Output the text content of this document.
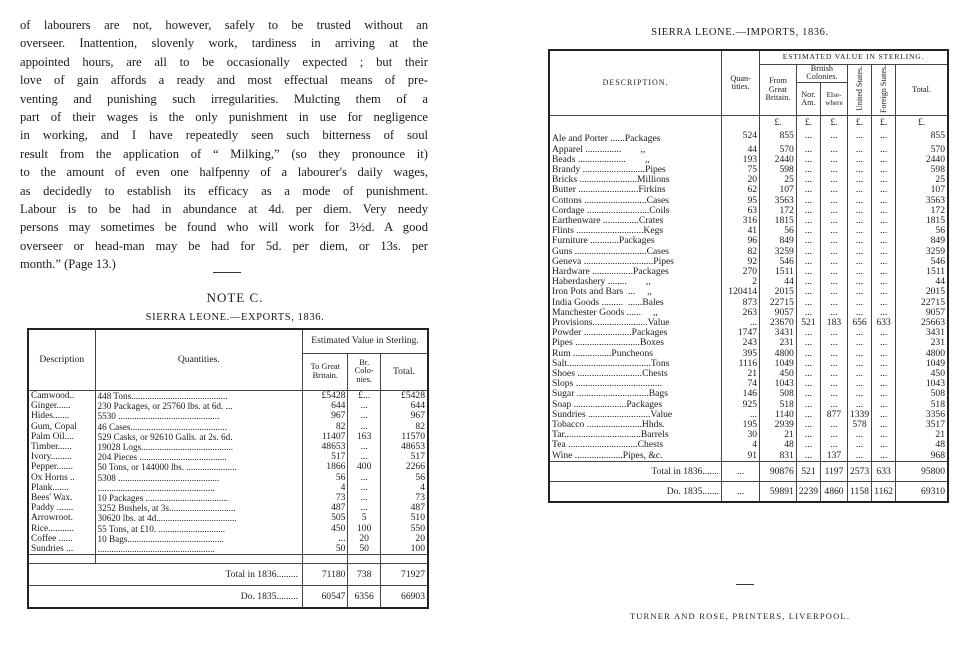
of labourers are not, however, safely to be trusted without an
overseer. Inattention, slovenly work, tardiness in arriving at the
appointed hours, are all to be occasionally expected ; but their
love of gain affords a ready and most effectual means of pre-
venting and punishing such irregularities. Mulcting them of a
part of their wages is the only punishment in use for negligence
in working, and I have repeatedly seen such bitterness of soul
result from the application of “ Milking,” (so they pronounce it)
to the amount of even one halfpenny of a labourer's daily wages,
as decidedly to establish its efficacy as a mode of punishment.
Labour is to be had in abundance at 4d. per diem. Very needy
persons may sometimes be found who will work for 3½d. A good
overseer or head-man may be had for 5d. per diem, or 13s. per
month.” (Page 13.)

NOTE C.
SIERRA LEONE.—EXPORTS, 1836.
Description	Quantities.	Estimated Value in Sterling.		
		To Great Britain.	Br. Colo- nies.	Total.
Camwood..	448 Tons..........................................	£5428	£...	£5428
Ginger......	230 Packages, or 25760 lbs. at 6d. ...	644	...	644
Hides.......	5530 ............................................	967	...	967
Gum, Copal	46 Cases..........................................	82	...	82
Palm Oil....	529 Casks, or 92610 Galls. at 2s. 6d.	11407	163	11570
Timber......	19028 Logs........................................	48653	...	48653
Ivory.........	204 Pieces ......................................	517	...	517
Pepper.......	50 Tons, or 144000 lbs. ......................	1866	400	2266
Ox Horns ..	5308 ............................................	56	...	56
Plank.......	...................................................	4	...	4
Bees' Wax.	10 Packages ....................................	73	...	73
Paddy .......	3252 Bushels, at 3s.............................	487	...	487
Arrowroot.	30620 lbs. at 4d...................................	505	5	510
Rice...........	55 Tons, at £10. .............................	450	100	550
Coffee ......	10 Bags..........................................	...	20	20
Sundries ...	...................................................	50	50	100

Total in 1836.........		71180	738	71927
Do. 1835.........		60547	6356	66903
SIERRA LEONE.—IMPORTS, 1836.
DESCRIPTION.	Quan- tities.	ESTIMATED VALUE IN STERLING.					
		From Great Britain.	British Colonies.		United States.	Foreign States.	Total.
			Nor. Am.	Else- where			
		£.	£.	£.	£.	£.	£.
Ale and Porter ......Packages	524	855	...	...	...	...	855
Apparel ...............        ,,	44	570	...	...	...	...	570
Beads ....................        ,,	193	2440	...	...	...	...	2440
Brandy ..........................Pipes	75	598	...	...	...	...	598
Bricks ........................Millions	20	25	...	...	...	...	25
Butter .........................Firkins	62	107	...	...	...	...	107
Cottons ..........................Cases	95	3563	...	...	...	...	3563
Cordage ..........................Coils	63	172	...	...	...	...	172
Earthenware ...............Crates	316	1815	...	...	...	...	1815
Flints ............................Kegs	41	56	...	...	...	...	56
Furniture ............Packages	96	849	...	...	...	...	849
Guns ..............................Cases	82	3259	...	...	...	...	3259
Geneva .............................Pipes	92	546	...	...	...	...	546
Hardware .................Packages	270	1511	...	...	...	...	1511
Haberdashery ........        ,,	2	44	...	...	...	...	44
Iron Pots and Bars  ...     ,,	120414	2015	...	...	...	...	2015
India Goods .........  ......Bales	873	22715	...	...	...	...	22715
Manchester Goods ......     ,,	263	9057	...	...	...	...	9057
Provisions.......................Value	...	23670	521	183	656	633	25663
Powder ....................Packages	1747	3431	...	...	...	...	3431
Pipes ...........................Boxes	243	231	...	...	...	...	231
Rum ................Puncheons	395	4800	...	...	...	...	4800
Salt...................................Tons	1116	1049	...	...	...	...	1049
Shoes ...........................Chests	21	450	...	...	...	...	450
Slops ....................................	74	1043	...	...	...	...	1043
Sugar ..............................Bags	146	508	...	...	...	...	508
Soap ......................Packages	925	518	...	...	...	...	518
Sundries ..........................Value	...	1140	...	877	1339	...	3356
Tobacco .......................Hhds.	195	2939	...	...	578	...	3517
Tar................................Barrels	30	21	...	...	...	...	21
Tea .............................Chests	4	48	...	...	...	...	48
Wine ....................Pipes, &c.	91	831	...	137	...	...	968
Total in 1836.......	...	90876	521	1197	2573	633	95800
Do. 1835.......	...	59891	2239	4860	1158	1162	69310
TURNER AND ROSE, PRINTERS, LIVERPOOL.
